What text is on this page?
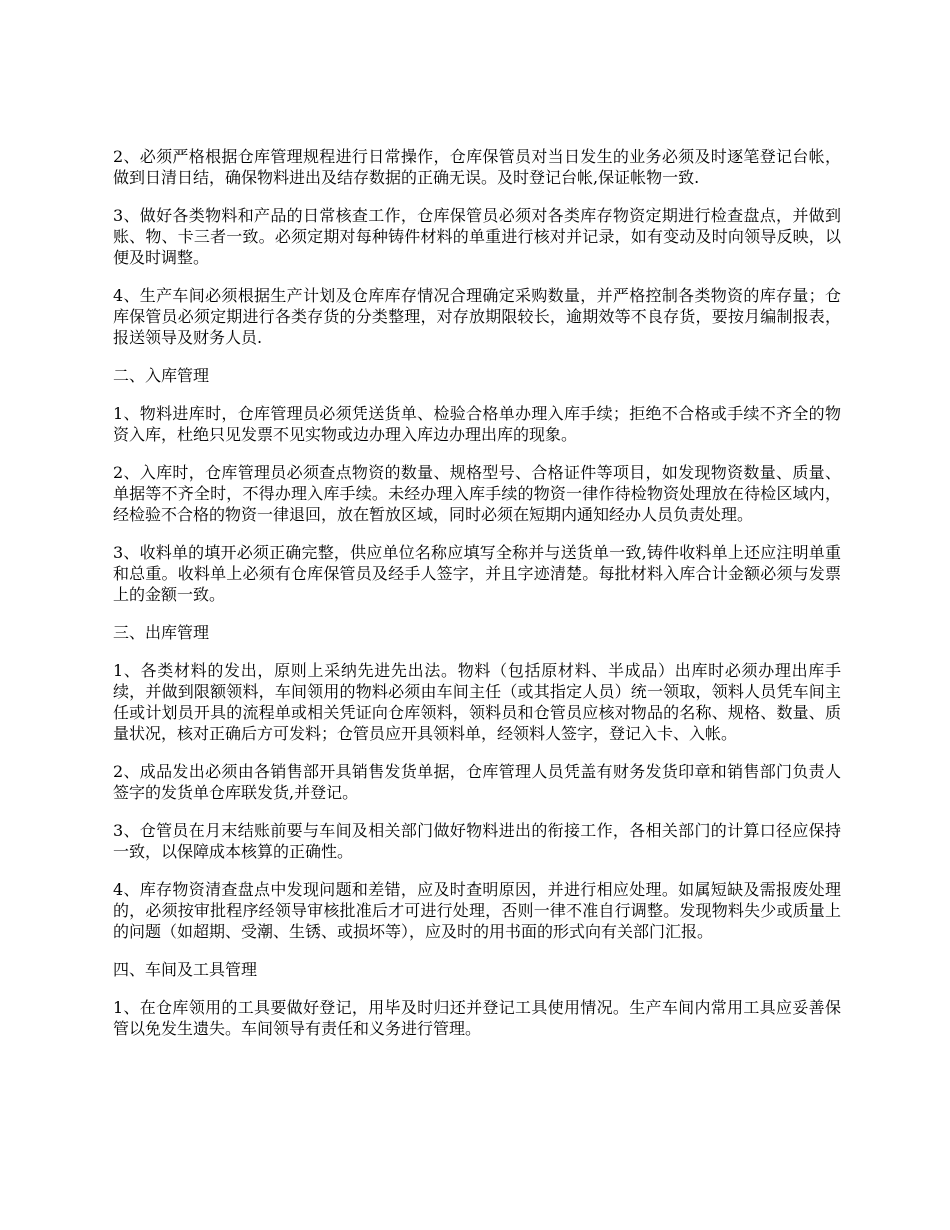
2、必须严格根据仓库管理规程进行日常操作，仓库保管员对当日发生的业务必须及时逐笔登记台帐，做到日清日结，确保物料进出及结存数据的正确无误。及时登记台帐,保证帐物一致.

3、做好各类物料和产品的日常核查工作，仓库保管员必须对各类库存物资定期进行检查盘点，并做到账、物、卡三者一致。必须定期对每种铸件材料的单重进行核对并记录，如有变动及时向领导反映，以便及时调整。

4、生产车间必须根据生产计划及仓库库存情况合理确定采购数量，并严格控制各类物资的库存量；仓库保管员必须定期进行各类存货的分类整理，对存放期限较长，逾期效等不良存货，要按月编制报表，报送领导及财务人员.

二、入库管理

1、物料进库时，仓库管理员必须凭送货单、检验合格单办理入库手续；拒绝不合格或手续不齐全的物资入库，杜绝只见发票不见实物或边办理入库边办理出库的现象。

2、入库时，仓库管理员必须查点物资的数量、规格型号、合格证件等项目，如发现物资数量、质量、单据等不齐全时，不得办理入库手续。未经办理入库手续的物资一律作待检物资处理放在待检区域内，经检验不合格的物资一律退回，放在暂放区域，同时必须在短期内通知经办人员负责处理。

3、收料单的填开必须正确完整，供应单位名称应填写全称并与送货单一致,铸件收料单上还应注明单重和总重。收料单上必须有仓库保管员及经手人签字，并且字迹清楚。每批材料入库合计金额必须与发票上的金额一致。

三、出库管理

1、各类材料的发出，原则上采纳先进先出法。物料（包括原材料、半成品）出库时必须办理出库手续，并做到限额领料，车间领用的物料必须由车间主任（或其指定人员）统一领取，领料人员凭车间主任或计划员开具的流程单或相关凭证向仓库领料，领料员和仓管员应核对物品的名称、规格、数量、质量状况，核对正确后方可发料；仓管员应开具领料单，经领料人签字，登记入卡、入帐。

2、成品发出必须由各销售部开具销售发货单据，仓库管理人员凭盖有财务发货印章和销售部门负责人签字的发货单仓库联发货,并登记。

3、仓管员在月末结账前要与车间及相关部门做好物料进出的衔接工作，各相关部门的计算口径应保持一致，以保障成本核算的正确性。

4、库存物资清查盘点中发现问题和差错，应及时查明原因，并进行相应处理。如属短缺及需报废处理的，必须按审批程序经领导审核批准后才可进行处理，否则一律不准自行调整。发现物料失少或质量上的问题（如超期、受潮、生锈、或损坏等），应及时的用书面的形式向有关部门汇报。

四、车间及工具管理

1、在仓库领用的工具要做好登记，用毕及时归还并登记工具使用情况。生产车间内常用工具应妥善保管以免发生遗失。车间领导有责任和义务进行管理。
